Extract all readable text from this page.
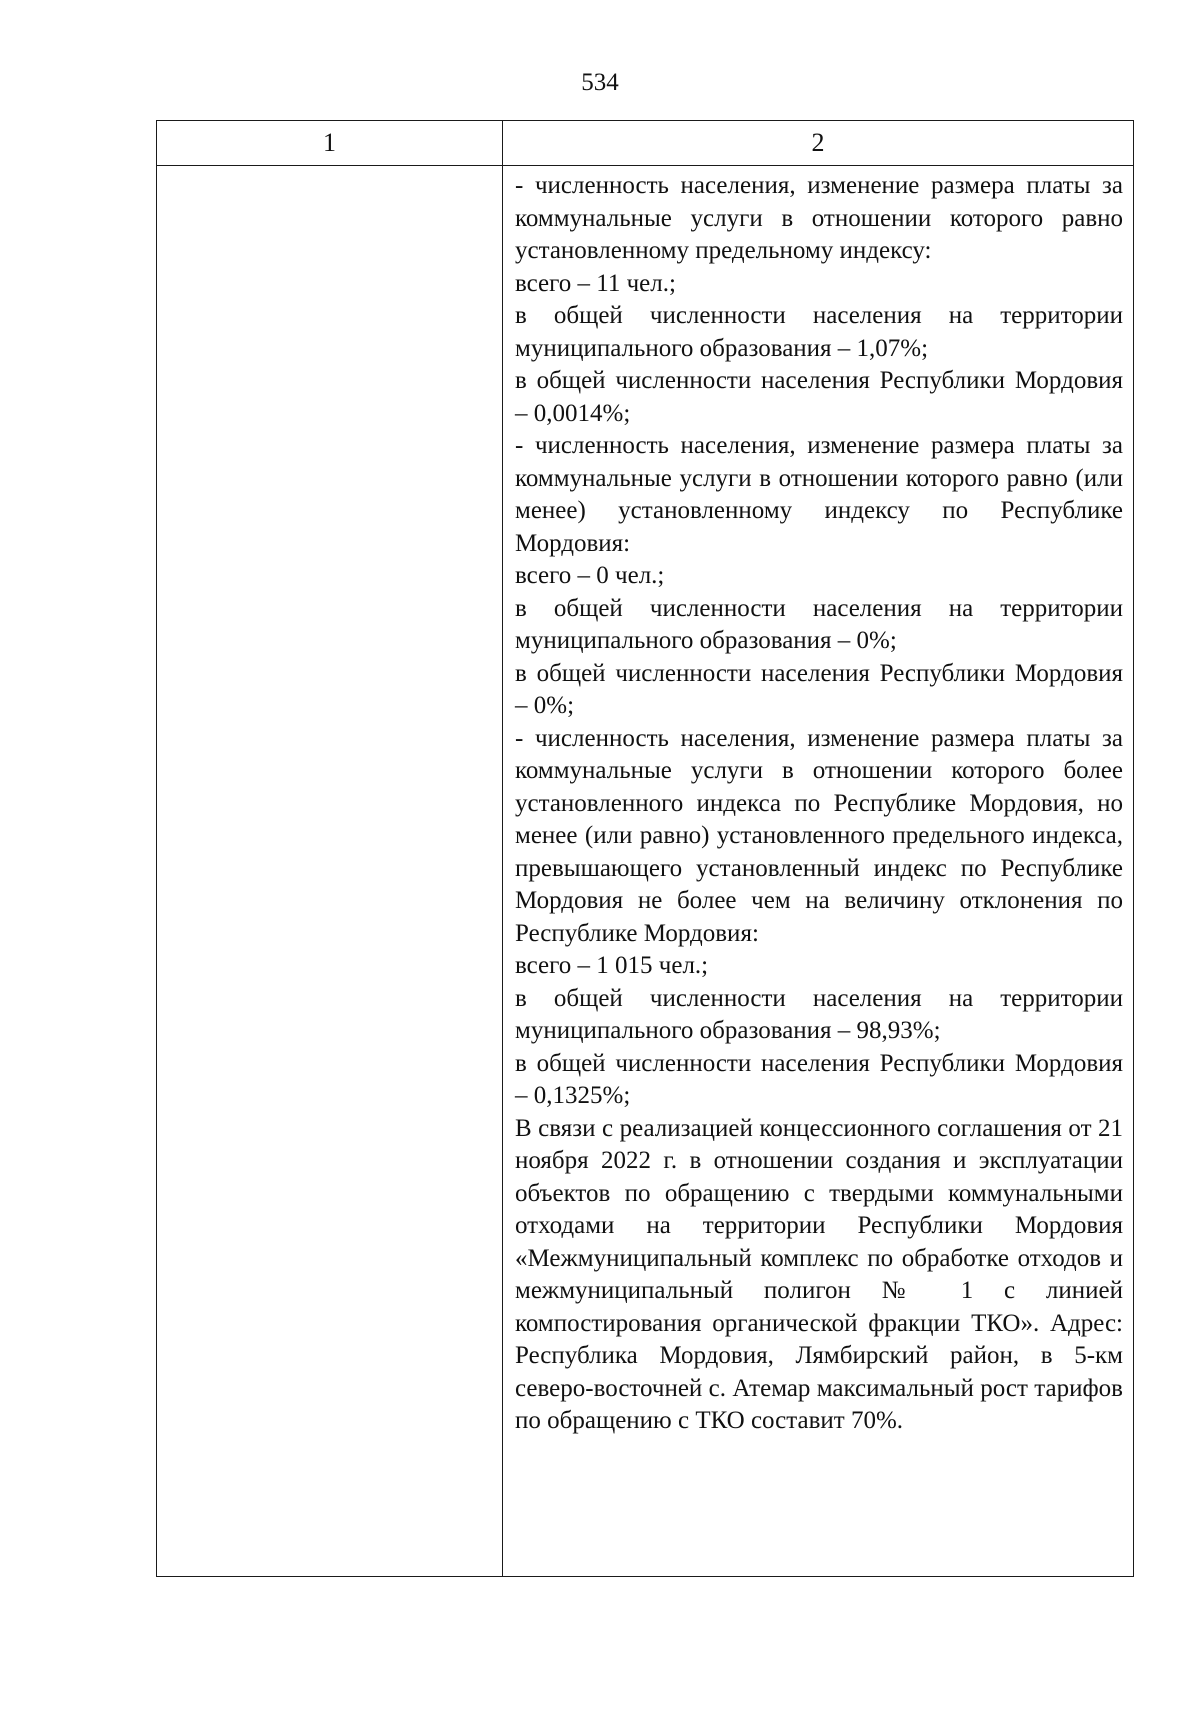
534
1	2

- численность населения, изменение размера платы за коммунальные услуги в отношении которого равно установленному предельному индексу:

всего – 11 чел.;

в общей численности населения на территории муниципального образования – 1,07%;

в общей численности населения Республики Мордовия – 0,0014%;

- численность населения, изменение размера платы за коммунальные услуги в отношении которого равно (или менее) установленному индексу по Республике Мордовия:

всего – 0 чел.;

в общей численности населения на территории муниципального образования – 0%;

в общей численности населения Республики Мордовия – 0%;

- численность населения, изменение размера платы за коммунальные услуги в отношении которого более установленного индекса по Республике Мордовия, но менее (или равно) установленного предельного индекса, превышающего установленный индекс по Республике Мордовия не более чем на величину отклонения по Республике Мордовия:

всего – 1 015 чел.;

в общей численности населения на территории муниципального образования – 98,93%;

в общей численности населения Республики Мордовия – 0,1325%;

В связи с реализацией концессионного соглашения от 21 ноября 2022 г. в отношении создания и эксплуатации объектов по обращению с твердыми коммунальными отходами на территории Республики Мордовия «Межмуниципальный комплекс по обработке отходов и межмуниципальный полигон № 1 с линией компостирования органической фракции ТКО». Адрес: Республика Мордовия, Лямбирский район, в 5-км северо-восточней с. Атемар максимальный рост тарифов по обращению с ТКО составит 70%.
